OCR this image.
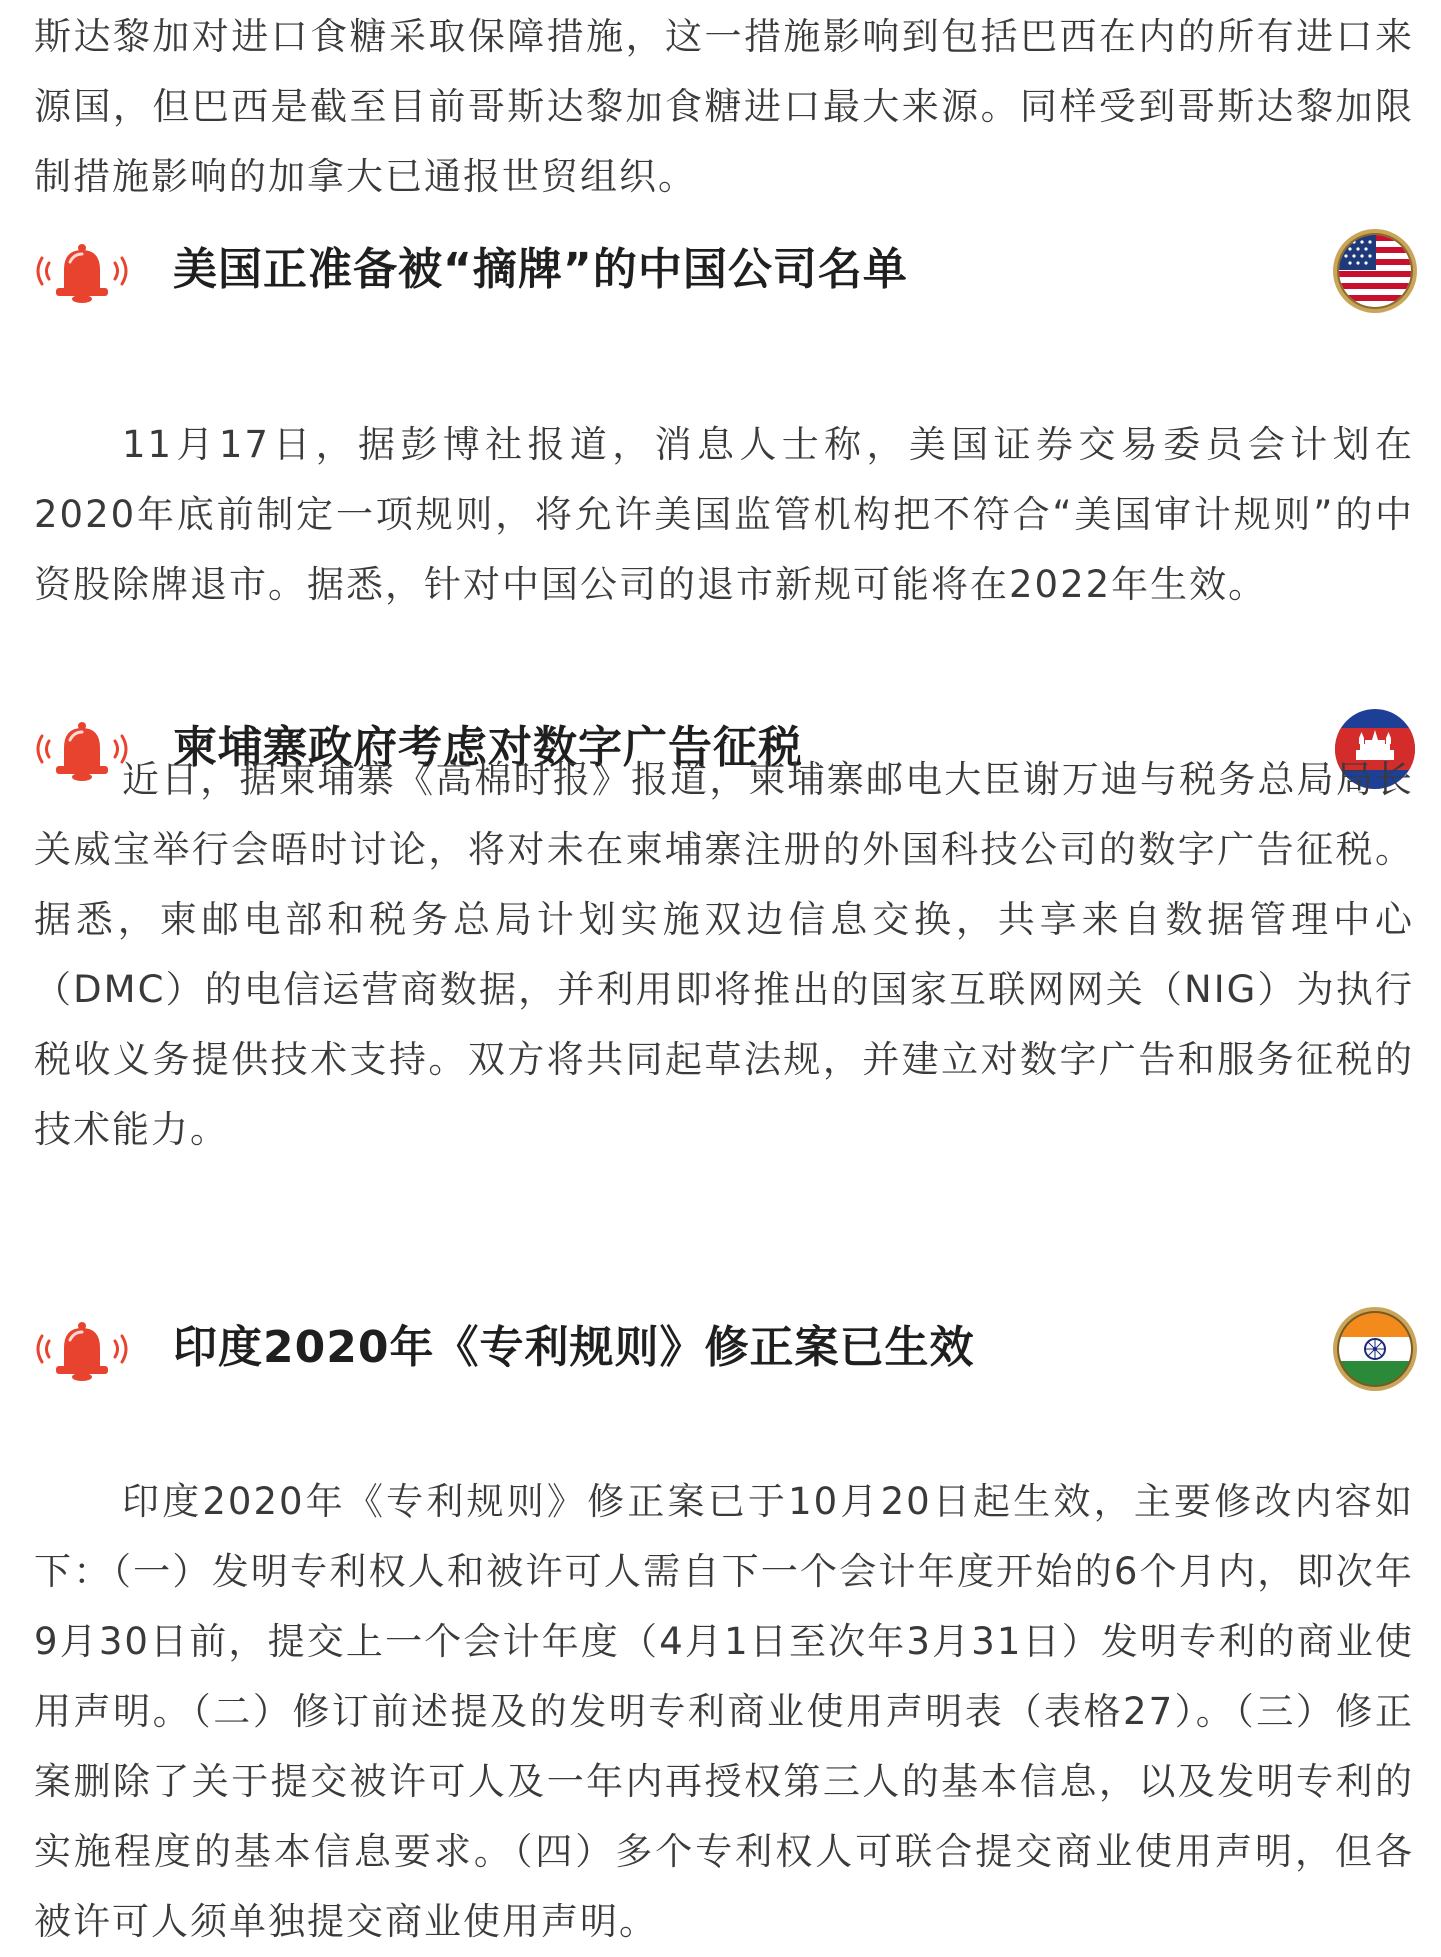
斯达黎加对进口食糖采取保障措施，这一措施影响到包括巴西在内的所有进口来源国，但巴西是截至目前哥斯达黎加食糖进口最大来源。同样受到哥斯达黎加限制措施影响的加拿大已通报世贸组织。

美国正准备被“摘牌”的中国公司名单

11月17日，据彭博社报道，消息人士称，美国证券交易委员会计划在2020年底前制定一项规则，将允许美国监管机构把不符合“美国审计规则”的中资股除牌退市。据悉，针对中国公司的退市新规可能将在2022年生效。

柬埔寨政府考虑对数字广告征税

近日，据柬埔寨《高棉时报》报道，柬埔寨邮电大臣谢万迪与税务总局局长关威宝举行会晤时讨论，将对未在柬埔寨注册的外国科技公司的数字广告征税。据悉，柬邮电部和税务总局计划实施双边信息交换，共享来自数据管理中心（DMC）的电信运营商数据，并利用即将推出的国家互联网网关（NIG）为执行税收义务提供技术支持。双方将共同起草法规，并建立对数字广告和服务征税的技术能力。

印度2020年《专利规则》修正案已生效

印度2020年《专利规则》修正案已于10月20日起生效，主要修改内容如下：（一）发明专利权人和被许可人需自下一个会计年度开始的6个月内，即次年9月30日前，提交上一个会计年度（4月1日至次年3月31日）发明专利的商业使用声明。（二）修订前述提及的发明专利商业使用声明表（表格27）。（三）修正案删除了关于提交被许可人及一年内再授权第三人的基本信息，以及发明专利的实施程度的基本信息要求。（四）多个专利权人可联合提交商业使用声明，但各被许可人须单独提交商业使用声明。
